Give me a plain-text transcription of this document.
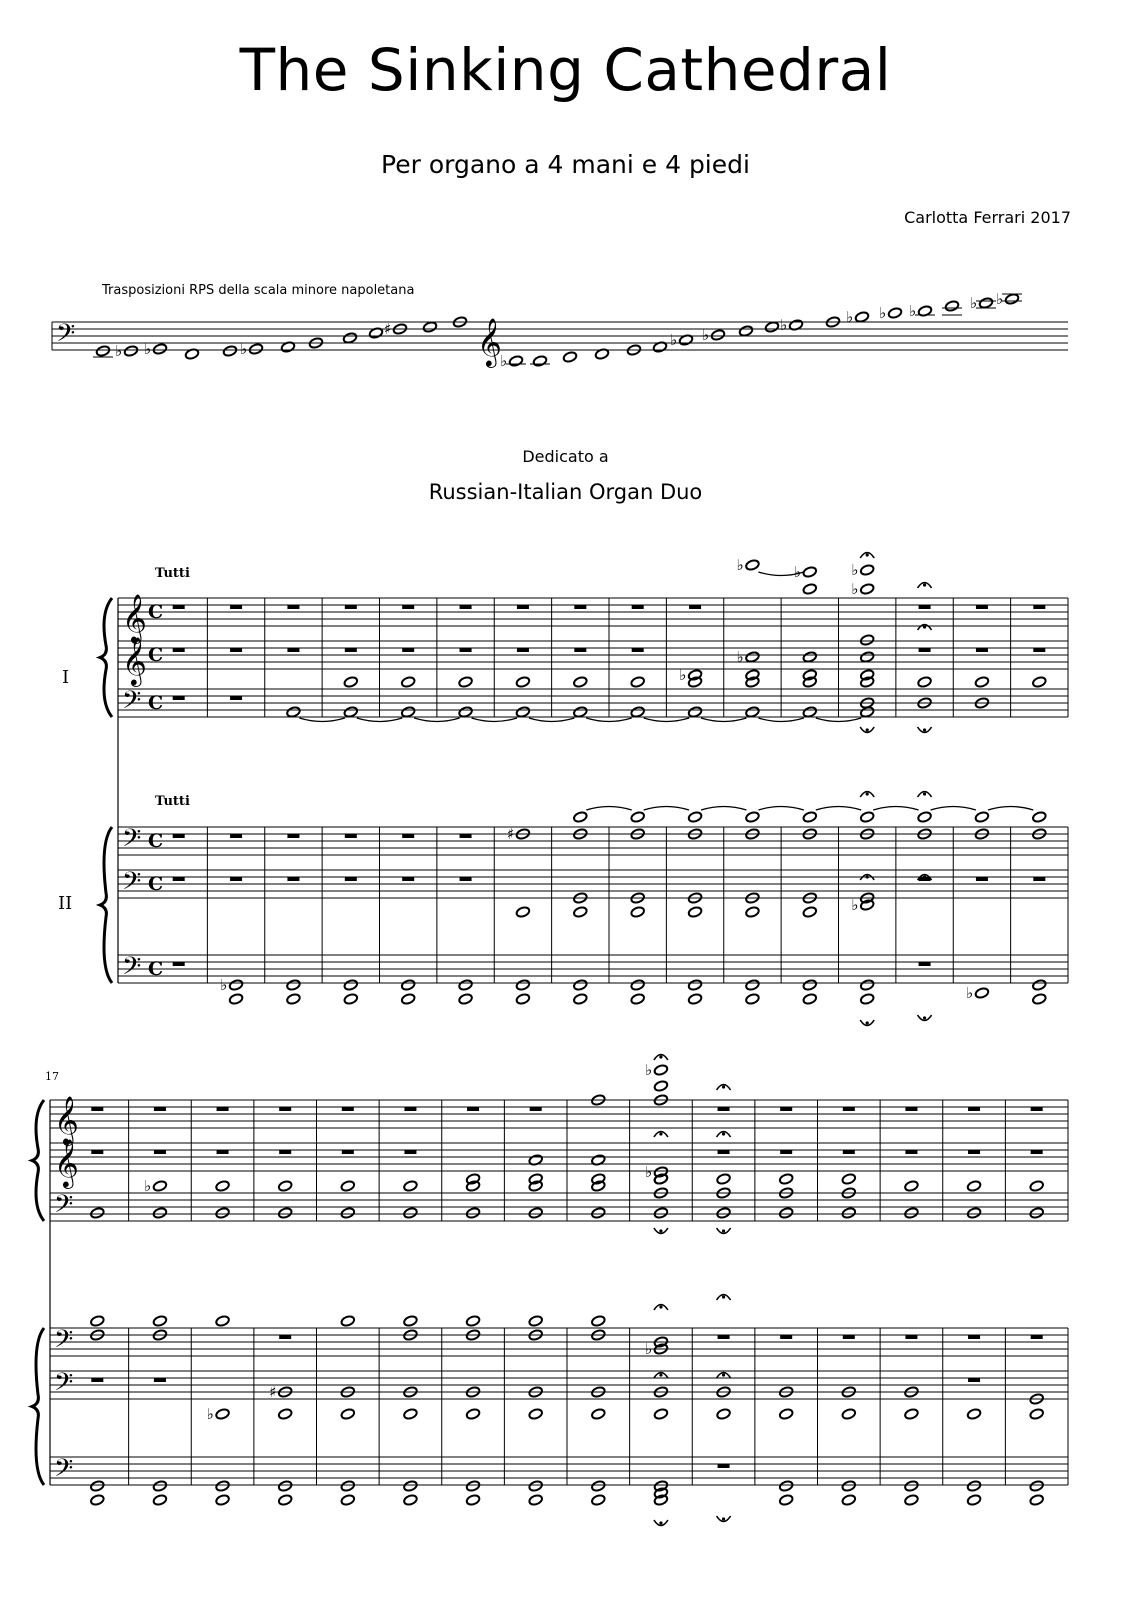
The Sinking Cathedral
Per organo a 4 mani e 4 piedi
Carlotta Ferrari 2017
Trasposizioni RPS della scala minore napoletana
Dedicato a
Russian-Italian Organ Duo
Tutti
Tutti
I
II
17
𝄢	♭ ♭	♭
♯ 𝄞
♭
♭ ♭
♭	♭ ♭ ♭	♭ ♭
𝄞 C
𝄞 C
𝄢 C
𝄢 C
𝄢 C
𝄢 C
♭	♭	♭
♭
♭
♭
♯
♭
♭	♭
𝄞
𝄞
𝄢
𝄢
𝄢
𝄢
♭
♭
♭
♭
♭
♯
